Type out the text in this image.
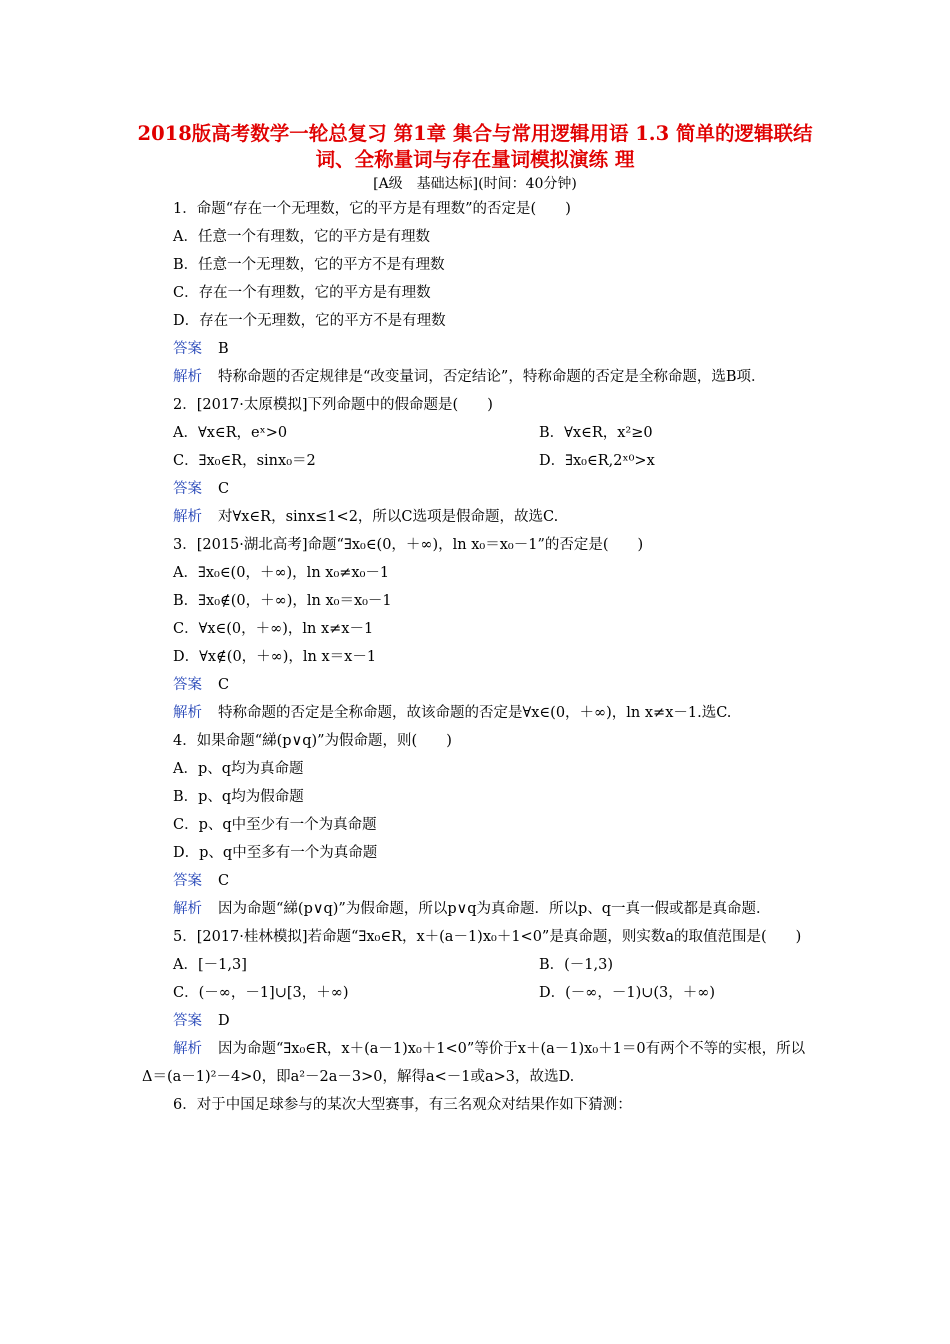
2018版高考数学一轮总复习 第1章 集合与常用逻辑用语 1.3 简单的逻辑联结词、全称量词与存在量词模拟演练 理
[A级　基础达标](时间：40分钟)
1．命题“存在一个无理数，它的平方是有理数”的否定是(　　)
A．任意一个有理数，它的平方是有理数
B．任意一个无理数，它的平方不是有理数
C．存在一个有理数，它的平方是有理数
D．存在一个无理数，它的平方不是有理数
答案 B
解析 特称命题的否定规律是“改变量词，否定结论”，特称命题的否定是全称命题，选B项．
2．[2017·太原模拟]下列命题中的假命题是(　　)
A．∀x∈R，eˣ>0	B．∀x∈R，x²≥0
C．∃x₀∈R，sinx₀＝2	D．∃x₀∈R,2ˣ⁰>x
答案 C
解析 对∀x∈R，sinx≤1<2，所以C选项是假命题，故选C.
3．[2015·湖北高考]命题“∃x₀∈(0，＋∞)，ln x₀＝x₀－1”的否定是(　　)
A．∃x₀∈(0，＋∞)，ln x₀≠x₀－1
B．∃x₀∉(0，＋∞)，ln x₀＝x₀－1
C．∀x∈(0，＋∞)，ln x≠x－1
D．∀x∉(0，＋∞)，ln x＝x－1
答案 C
解析 特称命题的否定是全称命题，故该命题的否定是∀x∈(0，＋∞)，ln x≠x－1.选C.
4．如果命题“綈(p∨q)”为假命题，则(　　)
A．p、q均为真命题
B．p、q均为假命题
C．p、q中至少有一个为真命题
D．p、q中至多有一个为真命题
答案 C
解析 因为命题“綈(p∨q)”为假命题，所以p∨q为真命题．所以p、q一真一假或都是真命题．
5．[2017·桂林模拟]若命题“∃x₀∈R，x＋(a－1)x₀＋1<0”是真命题，则实数a的取值范围是(　　)
A．[－1,3]	B．(－1,3)
C．(－∞，－1]∪[3，＋∞)	D．(－∞，－1)∪(3，＋∞)
答案 D
解析 因为命题“∃x₀∈R，x＋(a－1)x₀＋1<0”等价于x＋(a－1)x₀＋1＝0有两个不等的实根，所以Δ＝(a－1)²－4>0，即a²－2a－3>0，解得a<－1或a>3，故选D.
6．对于中国足球参与的某次大型赛事，有三名观众对结果作如下猜测：
